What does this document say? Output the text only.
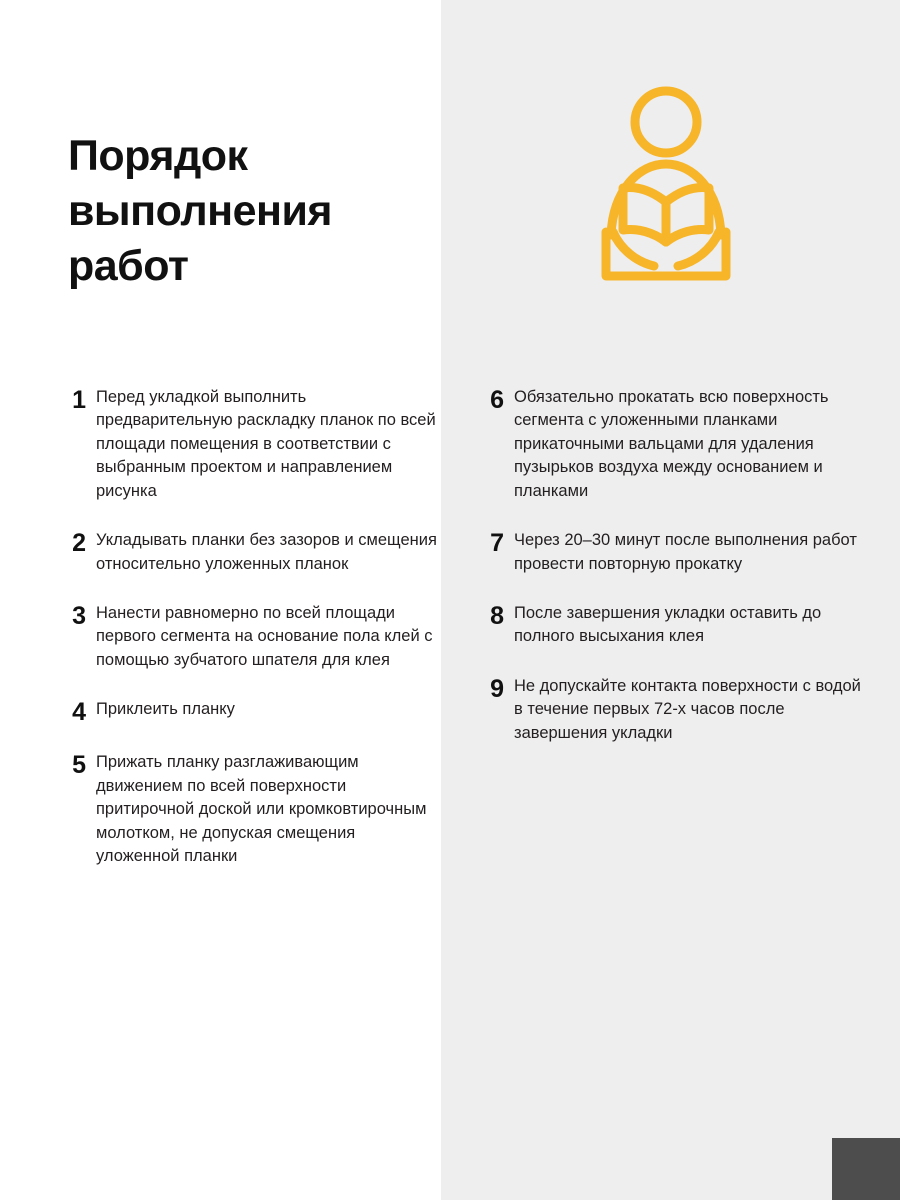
Порядок
выполнения
работ
1 Перед укладкой выполнить предварительную раскладку планок по всей площади помещения в соответствии с выбранным проектом и направлением рисунка
2 Укладывать планки без зазоров и смещения относительно уложенных планок
3 Нанести равномерно по всей площади первого сегмента на основание пола клей с помощью зубчатого шпателя для клея
4 Приклеить планку
5 Прижать планку разглаживающим движением по всей поверхности притирочной доской или кромковтирочным молотком, не допуская смещения уложенной планки
6 Обязательно прокатать всю поверхность сегмента с уложенными планками прикаточными вальцами для удаления пузырьков воздуха между основанием и планками
7 Через 20–30 минут после выполнения работ провести повторную прокатку
8 После завершения укладки оставить до полного высыхания клея
9 Не допускайте контакта поверхности с водой в течение первых 72-х часов после завершения укладки
